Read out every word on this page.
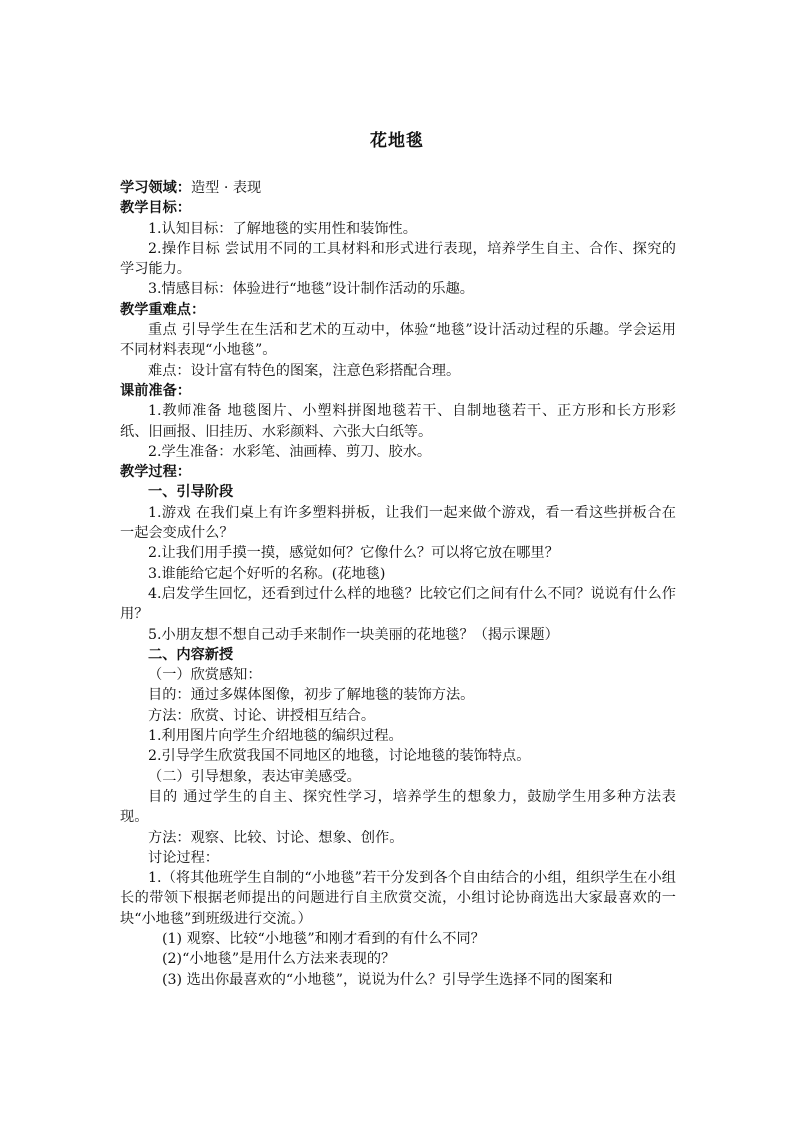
花地毯
学习领域：造型 · 表现
教学目标：
1.认知目标：了解地毯的实用性和装饰性。
2.操作目标 尝试用不同的工具材料和形式进行表现，培养学生自主、合作、探究的学习能力。
3.情感目标：体验进行“地毯”设计制作活动的乐趣。
教学重难点：
重点 引导学生在生活和艺术的互动中，体验“地毯”设计活动过程的乐趣。学会运用不同材料表现“小地毯”。
难点：设计富有特色的图案，注意色彩搭配合理。
课前准备：
1.教师准备 地毯图片、小塑料拼图地毯若干、自制地毯若干、正方形和长方形彩纸、旧画报、旧挂历、水彩颜料、六张大白纸等。
2.学生准备：水彩笔、油画棒、剪刀、胶水。
教学过程：
一、引导阶段
1.游戏 在我们桌上有许多塑料拼板，让我们一起来做个游戏，看一看这些拼板合在一起会变成什么？
2.让我们用手摸一摸，感觉如何？它像什么？可以将它放在哪里？
3.谁能给它起个好听的名称。(花地毯)
4.启发学生回忆，还看到过什么样的地毯？比较它们之间有什么不同？说说有什么作用？
5.小朋友想不想自己动手来制作一块美丽的花地毯？（揭示课题）
二、内容新授
（一）欣赏感知：
目的：通过多媒体图像，初步了解地毯的装饰方法。
方法：欣赏、讨论、讲授相互结合。
1.利用图片向学生介绍地毯的编织过程。
2.引导学生欣赏我国不同地区的地毯，讨论地毯的装饰特点。
（二）引导想象，表达审美感受。
目的 通过学生的自主、探究性学习，培养学生的想象力，鼓励学生用多种方法表现。
方法：观察、比较、讨论、想象、创作。
讨论过程：
1.（将其他班学生自制的“小地毯”若干分发到各个自由结合的小组，组织学生在小组长的带领下根据老师提出的问题进行自主欣赏交流，小组讨论协商选出大家最喜欢的一块“小地毯”到班级进行交流。）
(1) 观察、比较“小地毯”和刚才看到的有什么不同？
(2)“小地毯”是用什么方法来表现的？
(3) 选出你最喜欢的“小地毯”，说说为什么？引导学生选择不同的图案和
